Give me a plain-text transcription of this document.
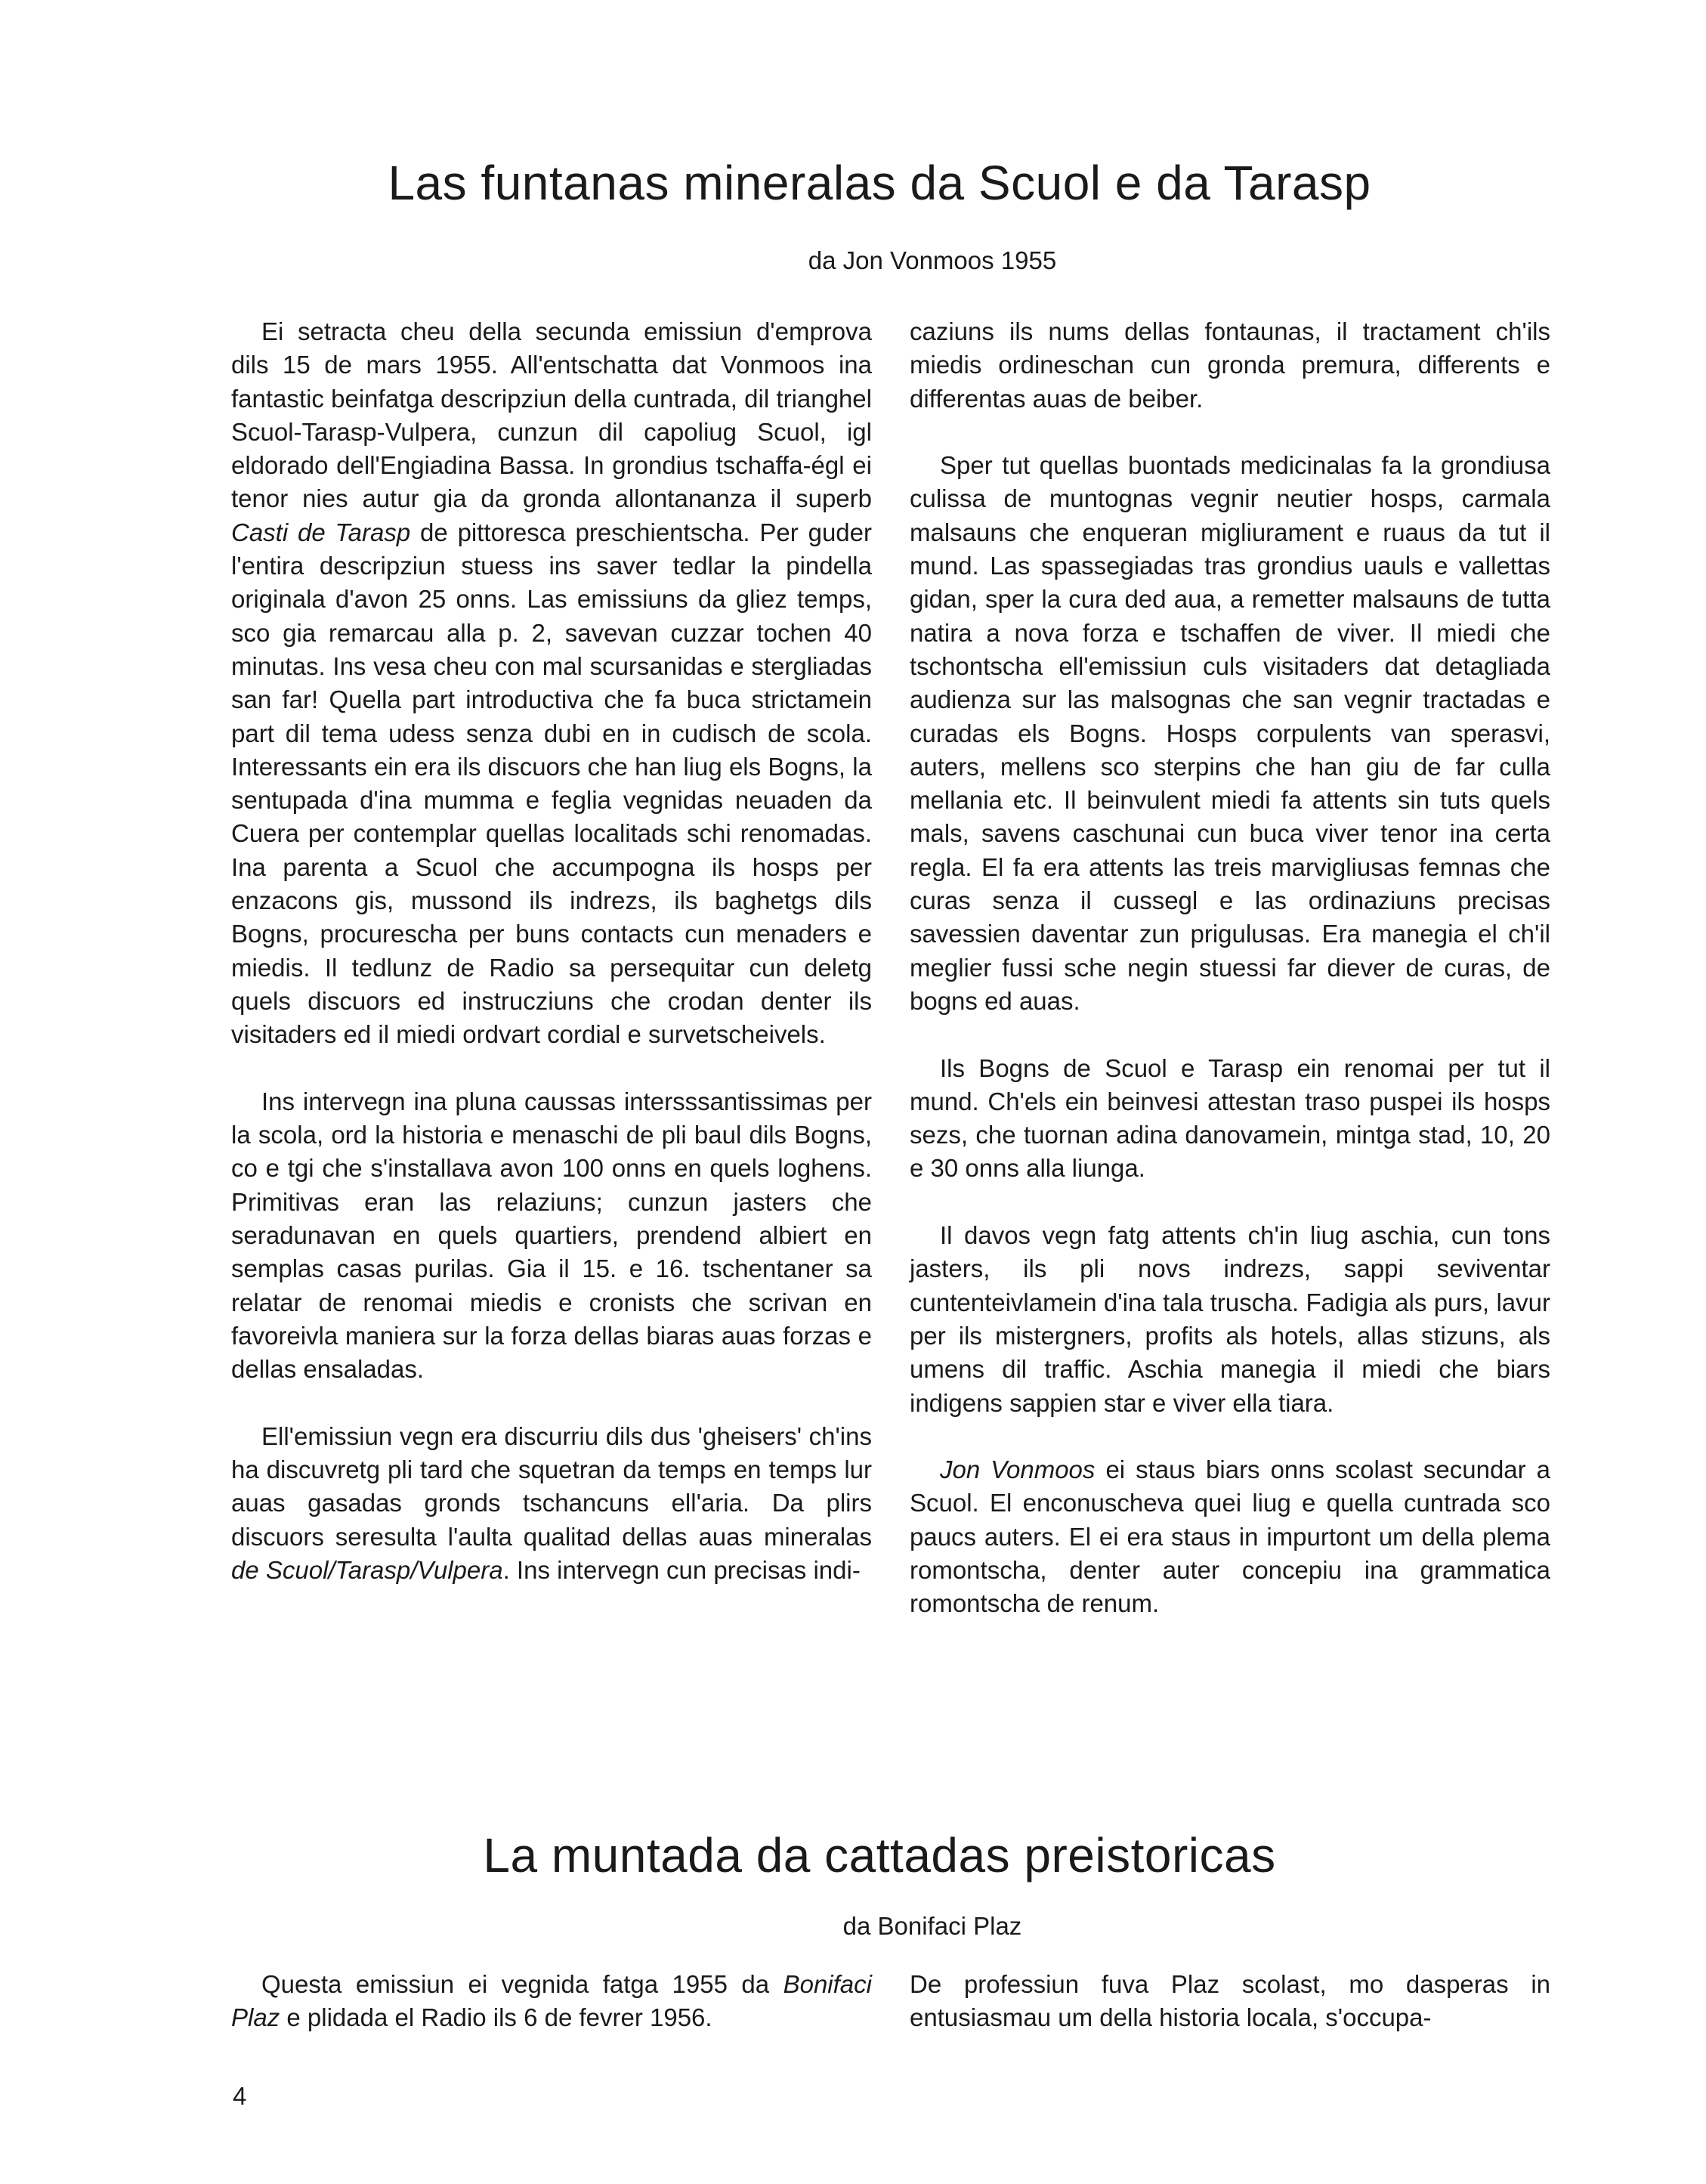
Las funtanas mineralas da Scuol e da Tarasp

da Jon Vonmoos 1955

Ei setracta cheu della secunda emissiun d'emprova dils 15 de mars 1955. All'entschatta dat Vonmoos ina fantastic beinfatga descripziun della cuntrada, dil trianghel Scuol-Tarasp-Vulpera, cunzun dil capoliug Scuol, igl eldorado dell'Engiadina Bassa. In grondius tschaffa-égl ei tenor nies autur gia da gronda allontananza il superb Casti de Tarasp de pittoresca preschientscha. Per guder l'entira descripziun stuess ins saver tedlar la pindella originala d'avon 25 onns. Las emissiuns da gliez temps, sco gia remarcau alla p. 2, savevan cuzzar tochen 40 minutas. Ins vesa cheu con mal scursanidas e stergliadas san far! Quella part introductiva che fa buca strictamein part dil tema udess senza dubi en in cudisch de scola. Interessants ein era ils discuors che han liug els Bogns, la sentupada d'ina mumma e feglia vegnidas neuaden da Cuera per contemplar quellas localitads schi renomadas. Ina parenta a Scuol che accumpogna ils hosps per enzacons gis, mussond ils indrezs, ils baghetgs dils Bogns, procurescha per buns contacts cun menaders e miedis. Il tedlunz de Radio sa persequitar cun deletg quels discuors ed instrucziuns che crodan denter ils visitaders ed il miedi ordvart cordial e survetscheivels.

Ins intervegn ina pluna caussas intersssantissimas per la scola, ord la historia e menaschi de pli baul dils Bogns, co e tgi che s'installava avon 100 onns en quels loghens. Primitivas eran las relaziuns; cunzun jasters che seradunavan en quels quartiers, prendend albiert en semplas casas purilas. Gia il 15. e 16. tschentaner sa relatar de renomai miedis e cronists che scrivan en favoreivla maniera sur la forza dellas biaras auas forzas e dellas ensaladas.

Ell'emissiun vegn era discurriu dils dus 'gheisers' ch'ins ha discuvretg pli tard che squetran da temps en temps lur auas gasadas gronds tschancuns ell'aria. Da plirs discuors seresulta l'aulta qualitad dellas auas mineralas de Scuol/Tarasp/Vulpera. Ins intervegn cun precisas indi-

caziuns ils nums dellas fontaunas, il tractament ch'ils miedis ordineschan cun gronda premura, differents e differentas auas de beiber.

Sper tut quellas buontads medicinalas fa la grondiusa culissa de muntognas vegnir neutier hosps, carmala malsauns che enqueran migliurament e ruaus da tut il mund. Las spassegiadas tras grondius uauls e vallettas gidan, sper la cura ded aua, a remetter malsauns de tutta natira a nova forza e tschaffen de viver. Il miedi che tschontscha ell'emissiun culs visitaders dat detagliada audienza sur las malsognas che san vegnir tractadas e curadas els Bogns. Hosps corpulents van sperasvi, auters, mellens sco sterpins che han giu de far culla mellania etc. Il beinvulent miedi fa attents sin tuts quels mals, savens caschunai cun buca viver tenor ina certa regla. El fa era attents las treis marvigliusas femnas che curas senza il cussegl e las ordinaziuns precisas savessien daventar zun prigulusas. Era manegia el ch'il meglier fussi sche negin stuessi far diever de curas, de bogns ed auas.

Ils Bogns de Scuol e Tarasp ein renomai per tut il mund. Ch'els ein beinvesi attestan traso puspei ils hosps sezs, che tuornan adina danovamein, mintga stad, 10, 20 e 30 onns alla liunga.

Il davos vegn fatg attents ch'in liug aschia, cun tons jasters, ils pli novs indrezs, sappi seviventar cuntenteivlamein d'ina tala truscha. Fadigia als purs, lavur per ils mistergners, profits als hotels, allas stizuns, als umens dil traffic. Aschia manegia il miedi che biars indigens sappien star e viver ella tiara.

Jon Vonmoos ei staus biars onns scolast secundar a Scuol. El enconuscheva quei liug e quella cuntrada sco paucs auters. El ei era staus in impurtont um della plema romontscha, denter auter concepiu ina grammatica romontscha de renum.

La muntada da cattadas preistoricas

da Bonifaci Plaz

Questa emissiun ei vegnida fatga 1955 da Bonifaci Plaz e plidada el Radio ils 6 de fevrer 1956.

De professiun fuva Plaz scolast, mo dasperas in entusiasmau um della historia locala, s'occupa-

4
